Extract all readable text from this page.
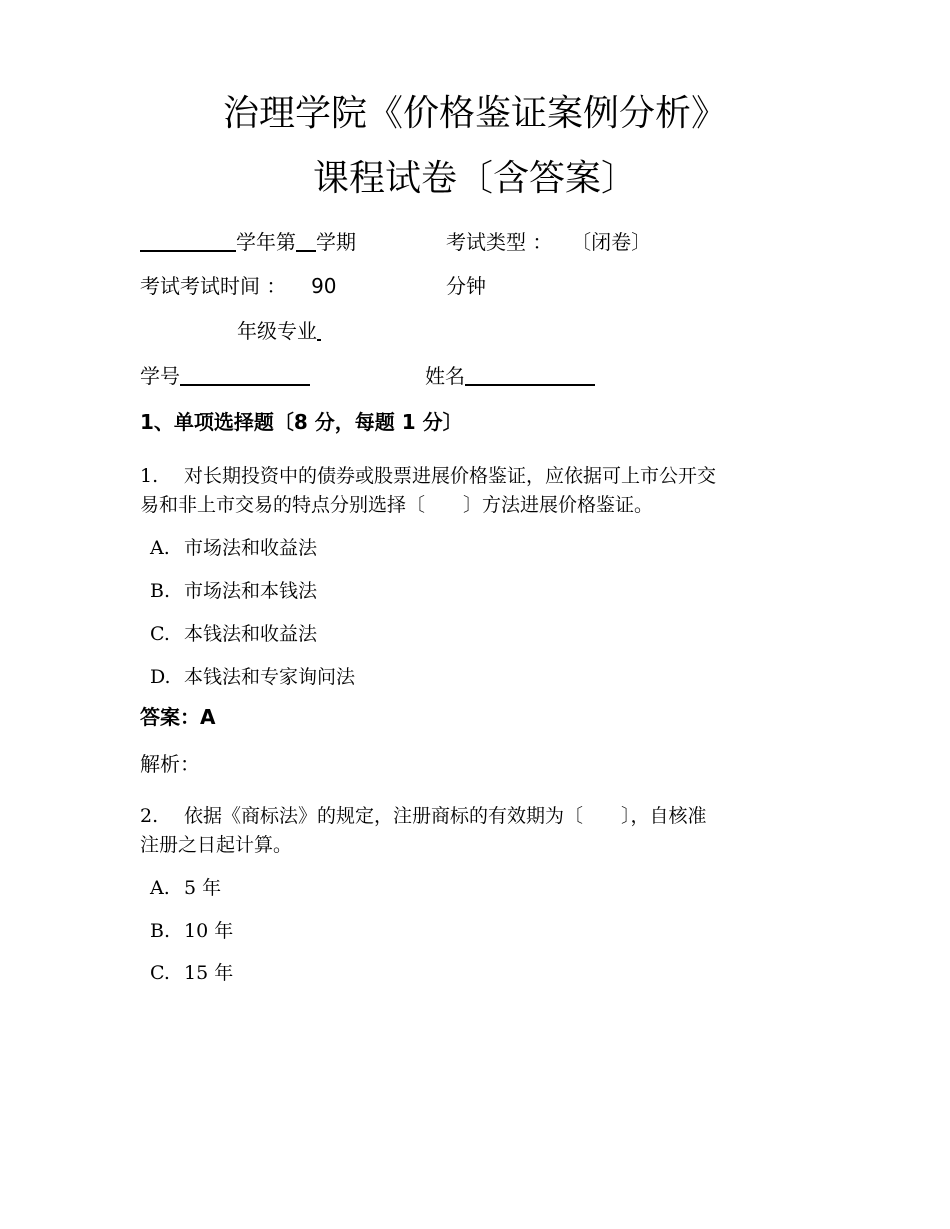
治理学院《价格鉴证案例分析》
课程试卷〔含答案〕
学年第 学期	考试类型 ： 〔闭卷〕
考试考试时间 ： 90	分钟
年级专业
学号	姓名
1、单项选择题〔8 分，每题 1 分〕
1. 对长期投资中的债券或股票进展价格鉴证，应依据可上市公开交
易和非上市交易的特点分别选择〔　　〕方法进展价格鉴证。
A. 市场法和收益法
B. 市场法和本钱法
C. 本钱法和收益法
D. 本钱法和专家询问法
答案：A
解析：
2. 依据《商标法》的规定，注册商标的有效期为〔　　〕，自核准
注册之日起计算。
A. 5 年
B. 10 年
C. 15 年
